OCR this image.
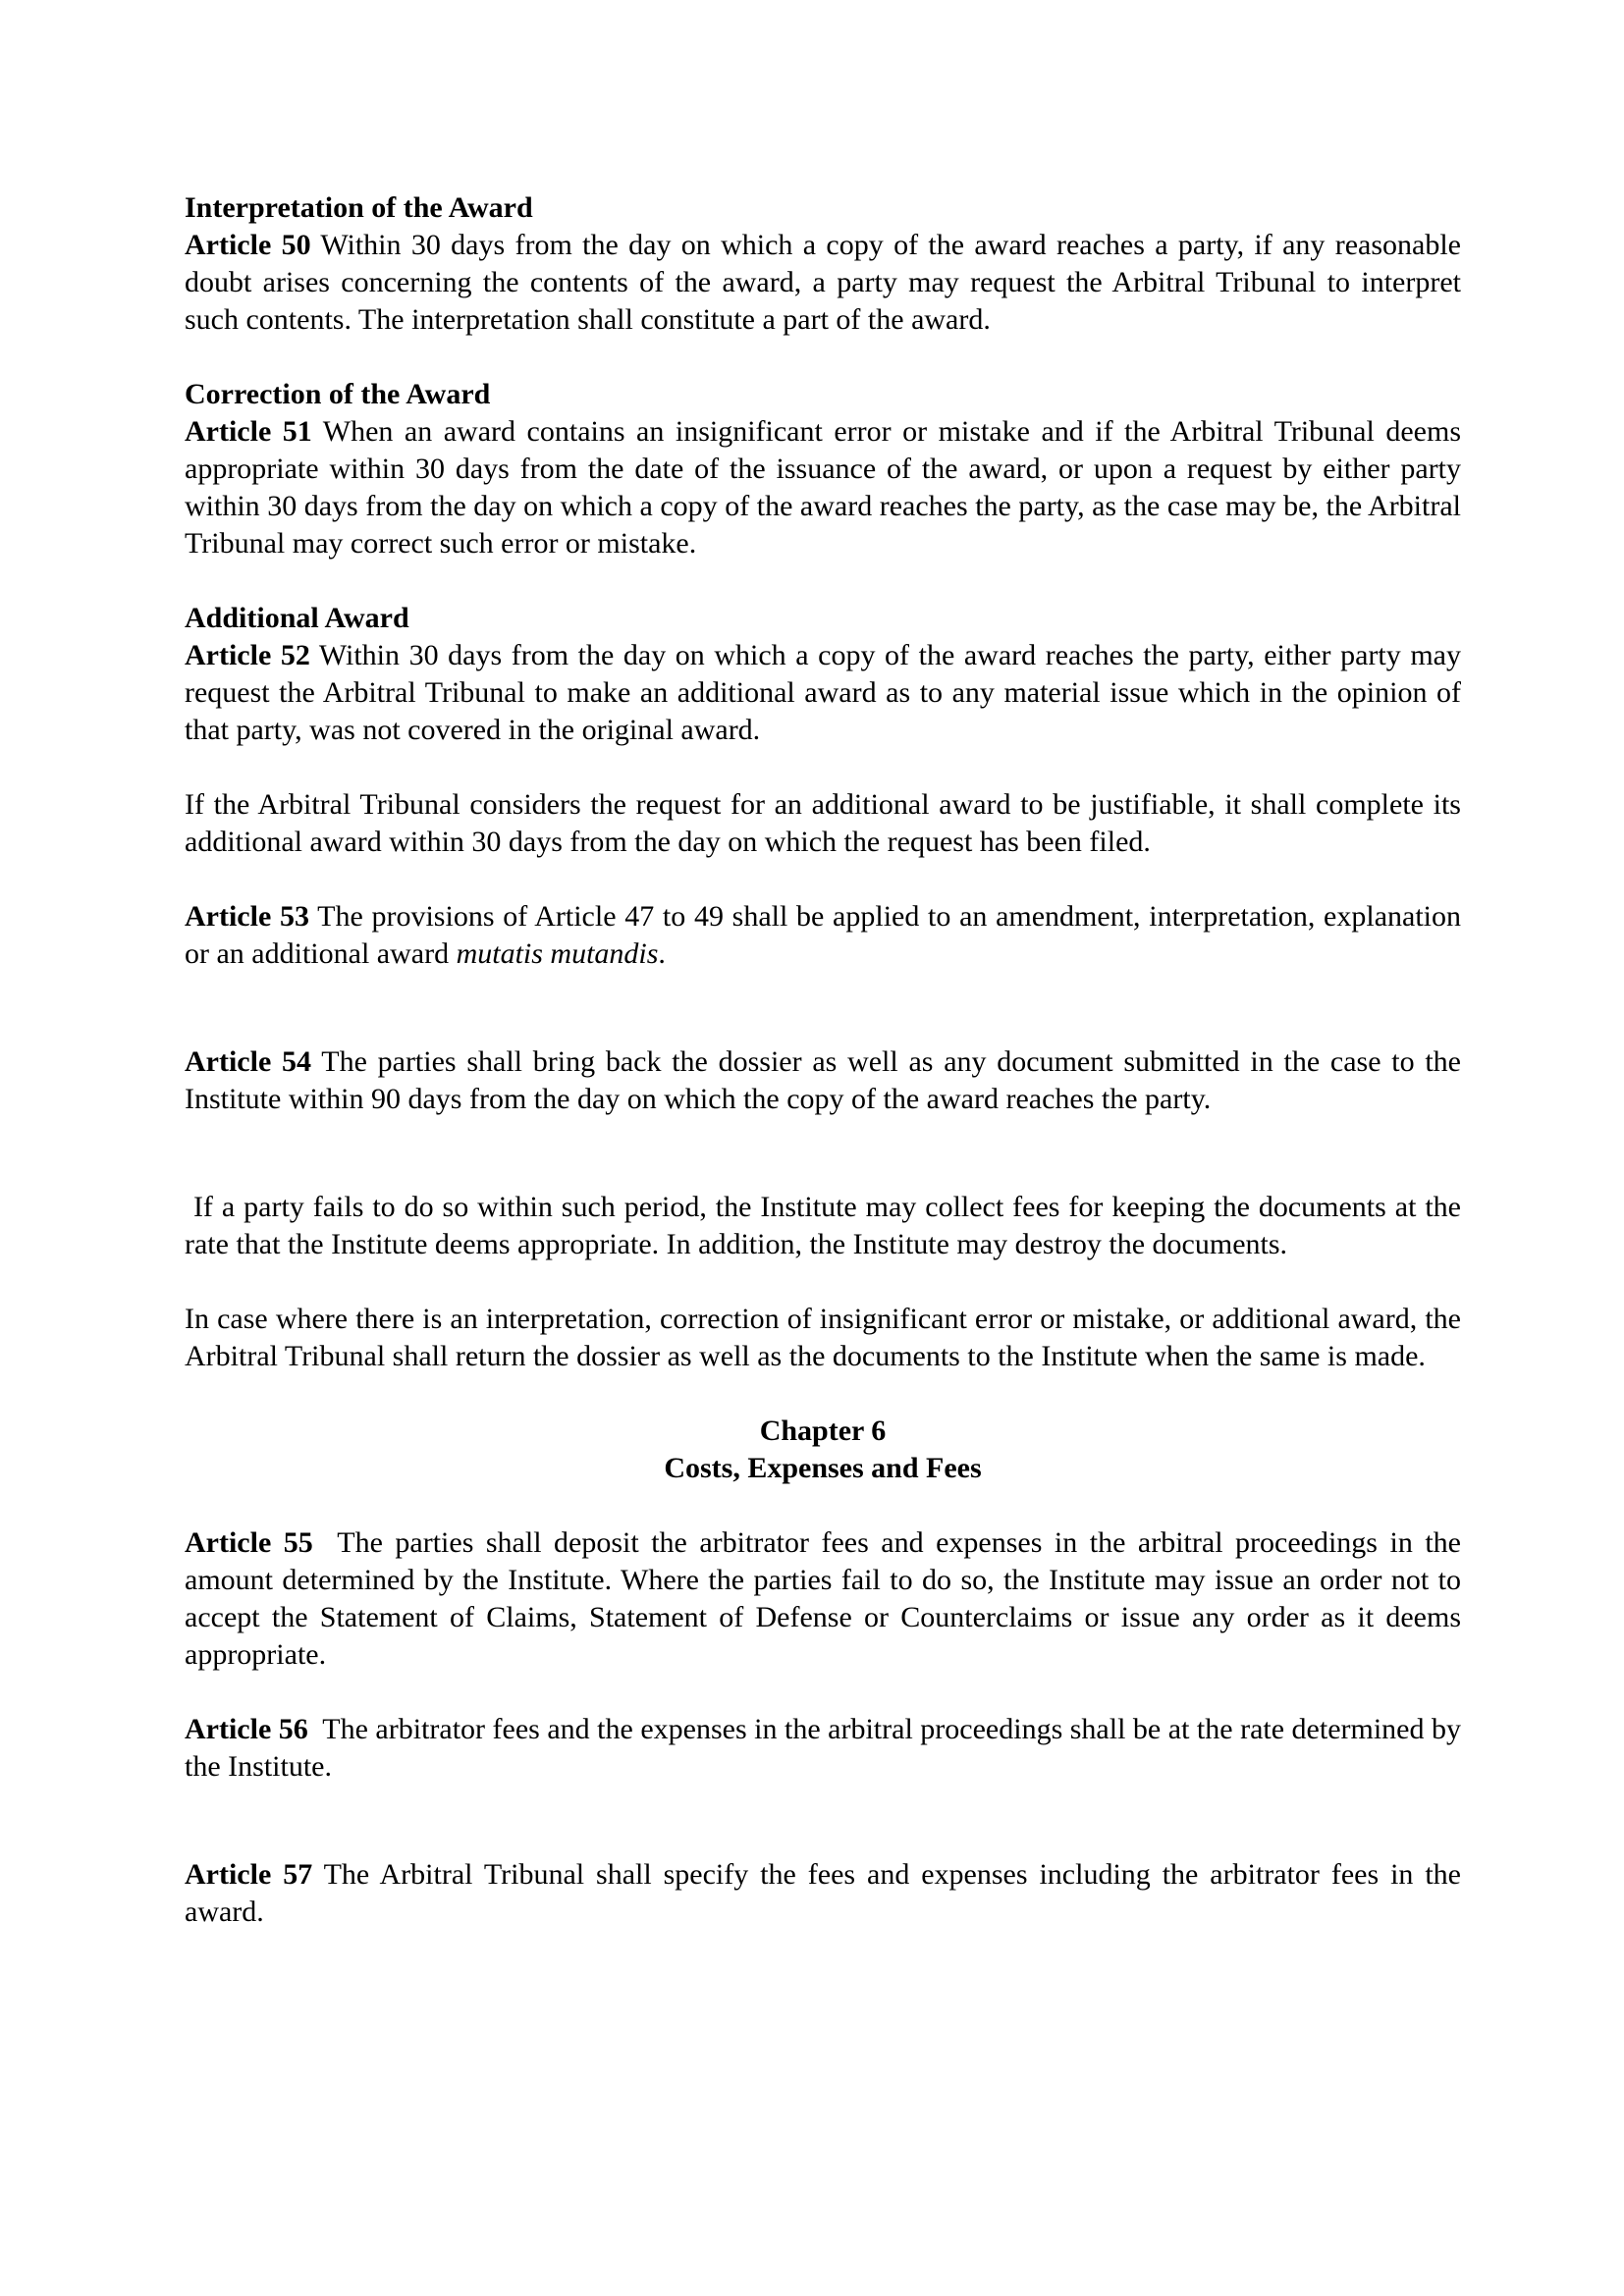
Interpretation of the Award

Article 50 Within 30 days from the day on which a copy of the award reaches a party, if any reasonable doubt arises concerning the contents of the award, a party may request the Arbitral Tribunal to interpret such contents. The interpretation shall constitute a part of the award.

Correction of the Award

Article 51 When an award contains an insignificant error or mistake and if the Arbitral Tribunal deems appropriate within 30 days from the date of the issuance of the award, or upon a request by either party within 30 days from the day on which a copy of the award reaches the party, as the case may be, the Arbitral Tribunal may correct such error or mistake.

Additional Award

Article 52 Within 30 days from the day on which a copy of the award reaches the party, either party may request the Arbitral Tribunal to make an additional award as to any material issue which in the opinion of that party, was not covered in the original award.

If the Arbitral Tribunal considers the request for an additional award to be justifiable, it shall complete its additional award within 30 days from the day on which the request has been filed.

Article 53 The provisions of Article 47 to 49 shall be applied to an amendment, interpretation, explanation or an additional award mutatis mutandis.

Article 54 The parties shall bring back the dossier as well as any document submitted in the case to the Institute within 90 days from the day on which the copy of the award reaches the party.

If a party fails to do so within such period, the Institute may collect fees for keeping the documents at the rate that the Institute deems appropriate. In addition, the Institute may destroy the documents.

In case where there is an interpretation, correction of insignificant error or mistake, or additional award, the Arbitral Tribunal shall return the dossier as well as the documents to the Institute when the same is made.

Chapter 6

Costs, Expenses and Fees

Article 55  The parties shall deposit the arbitrator fees and expenses in the arbitral proceedings in the amount determined by the Institute. Where the parties fail to do so, the Institute may issue an order not to accept the Statement of Claims, Statement of Defense or Counterclaims or issue any order as it deems appropriate.

Article 56  The arbitrator fees and the expenses in the arbitral proceedings shall be at the rate determined by the Institute.

Article 57 The Arbitral Tribunal shall specify the fees and expenses including the arbitrator fees in the award.
